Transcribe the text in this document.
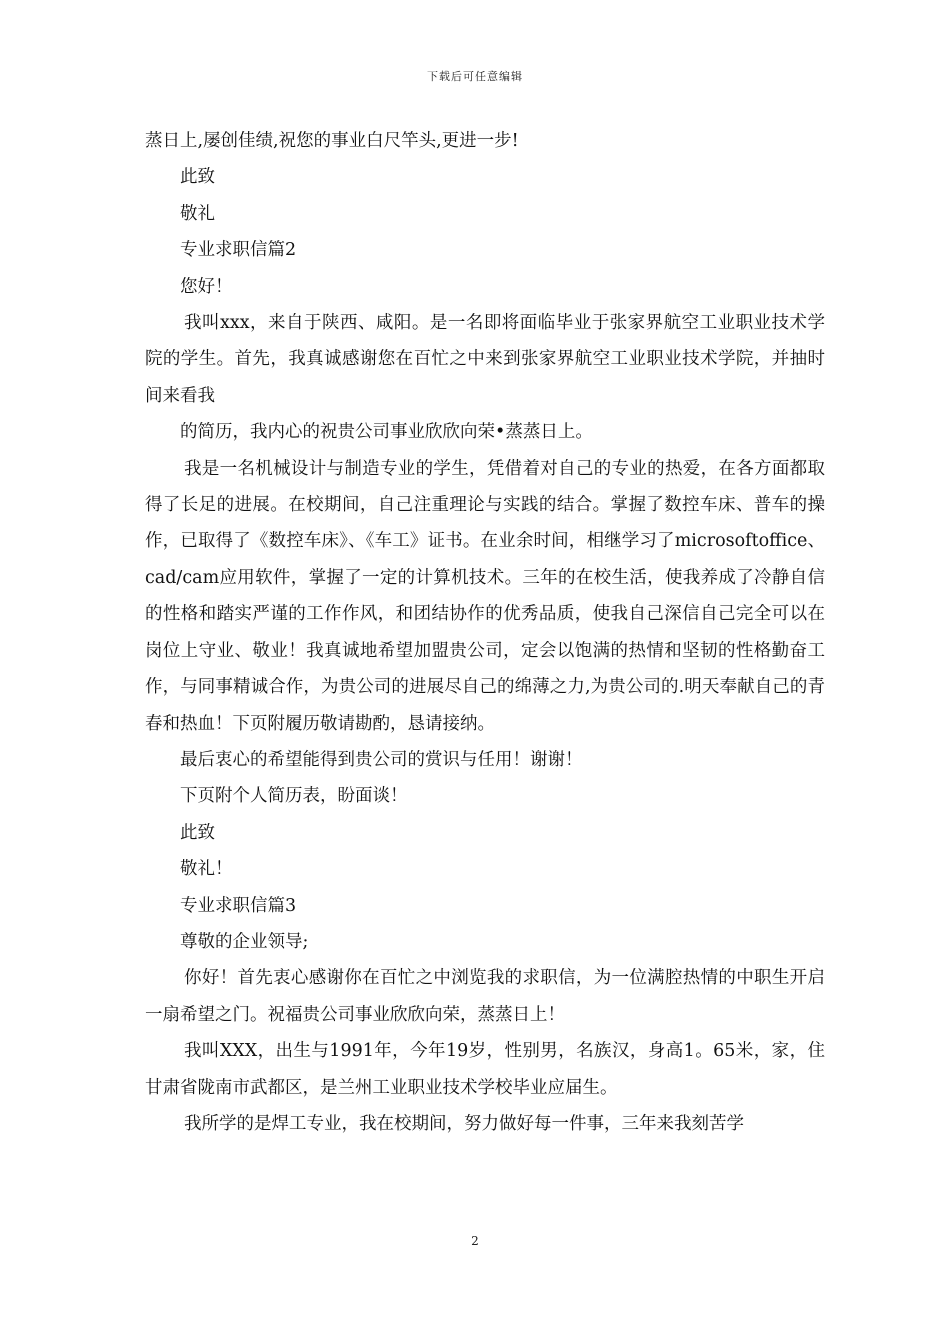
下载后可任意编辑

蒸日上,屡创佳绩,祝您的事业白尺竿头,更进一步!

此致

敬礼

专业求职信篇2

您好！

我叫xxx，来自于陕西、咸阳。是一名即将面临毕业于张家界航空工业职业技术学院的学生。首先，我真诚感谢您在百忙之中来到张家界航空工业职业技术学院，并抽时间来看我

的简历，我内心的祝贵公司事业欣欣向荣•蒸蒸日上。

我是一名机械设计与制造专业的学生，凭借着对自己的专业的热爱，在各方面都取得了长足的进展。在校期间，自己注重理论与实践的结合。掌握了数控车床、普车的操作，已取得了《数控车床》、《车工》证书。在业余时间，相继学习了microsoftoffice、cad/cam应用软件，掌握了一定的计算机技术。三年的在校生活，使我养成了冷静自信的性格和踏实严谨的工作作风，和团结协作的优秀品质，使我自己深信自己完全可以在岗位上守业、敬业！我真诚地希望加盟贵公司，定会以饱满的热情和坚韧的性格勤奋工作，与同事精诚合作，为贵公司的进展尽自己的绵薄之力,为贵公司的.明天奉献自己的青春和热血！下页附履历敬请勘酌，恳请接纳。

最后衷心的希望能得到贵公司的赏识与任用！谢谢！

下页附个人简历表，盼面谈！

此致

敬礼！

专业求职信篇3

尊敬的企业领导;

你好！首先衷心感谢你在百忙之中浏览我的求职信，为一位满腔热情的中职生开启一扇希望之门。祝福贵公司事业欣欣向荣，蒸蒸日上！

我叫XXX，出生与1991年，今年19岁，性别男，名族汉，身高1。65米，家，住甘肃省陇南市武都区，是兰州工业职业技术学校毕业应届生。

我所学的是焊工专业，我在校期间，努力做好每一件事，三年来我刻苦学

2
